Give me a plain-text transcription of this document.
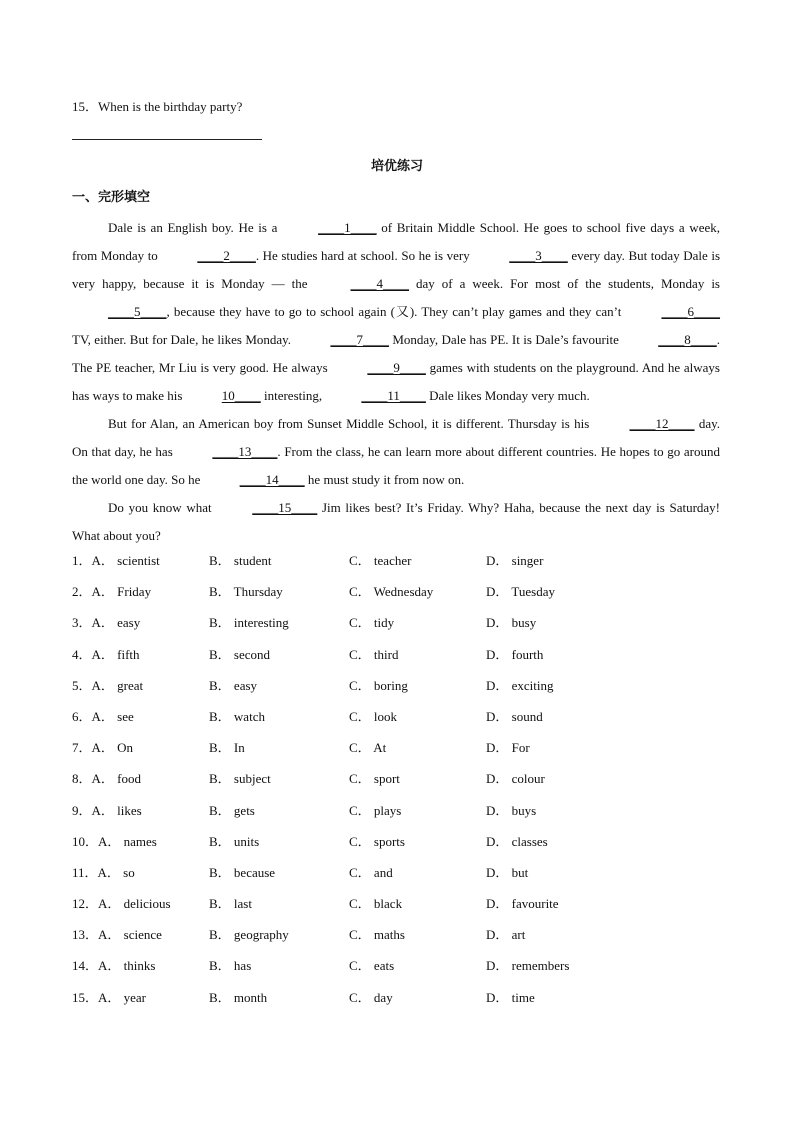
15．When is the birthday party?
培优练习
一、完形填空

Dale is an English boy. He is a	____1____ of Britain Middle School. He goes to school five days a week, from Monday to	____2____. He studies hard at school. So he is very	____3____ every day. But today Dale is very happy, because it is Monday — the	____4____ day of a week. For most of the students, Monday is ____5____, because they have to go to school again (又). They can’t play games and they can’t	____6____ TV, either. But for Dale, he likes Monday.	____7____ Monday, Dale has PE. It is Dale’s favourite	____8____. The PE teacher, Mr Liu is very good. He always	____9____ games with students on the playground. And he always has ways to make his	10____ interesting,	____11____ Dale likes Monday very much.

But for Alan, an American boy from Sunset Middle School, it is different. Thursday is his	____12____ day. On that day, he has	____13____. From the class, he can learn more about different countries. He hopes to go around the world one day. So he	____14____ he must study it from now on.

Do you know what	____15____ Jim likes best? It’s Friday. Why? Haha, because the next day is Saturday! What about you?

1．A． scientist	B． student	C． teacher	D． singer
2．A． Friday	B． Thursday	C． Wednesday	D． Tuesday
3．A． easy	B． interesting	C． tidy	D． busy
4．A． fifth	B． second	C． third	D． fourth
5．A． great	B． easy	C． boring	D． exciting
6．A． see	B． watch	C． look	D． sound
7．A． On	B． In	C． At	D． For
8．A． food	B． subject	C． sport	D． colour
9．A． likes	B． gets	C． plays	D． buys
10．A． names	B． units	C． sports	D． classes
11．A． so	B． because	C． and	D． but
12．A． delicious	B． last	C． black	D． favourite
13．A． science	B． geography	C． maths	D． art
14．A． thinks	B． has	C． eats	D． remembers
15．A． year	B． month	C． day	D． time
